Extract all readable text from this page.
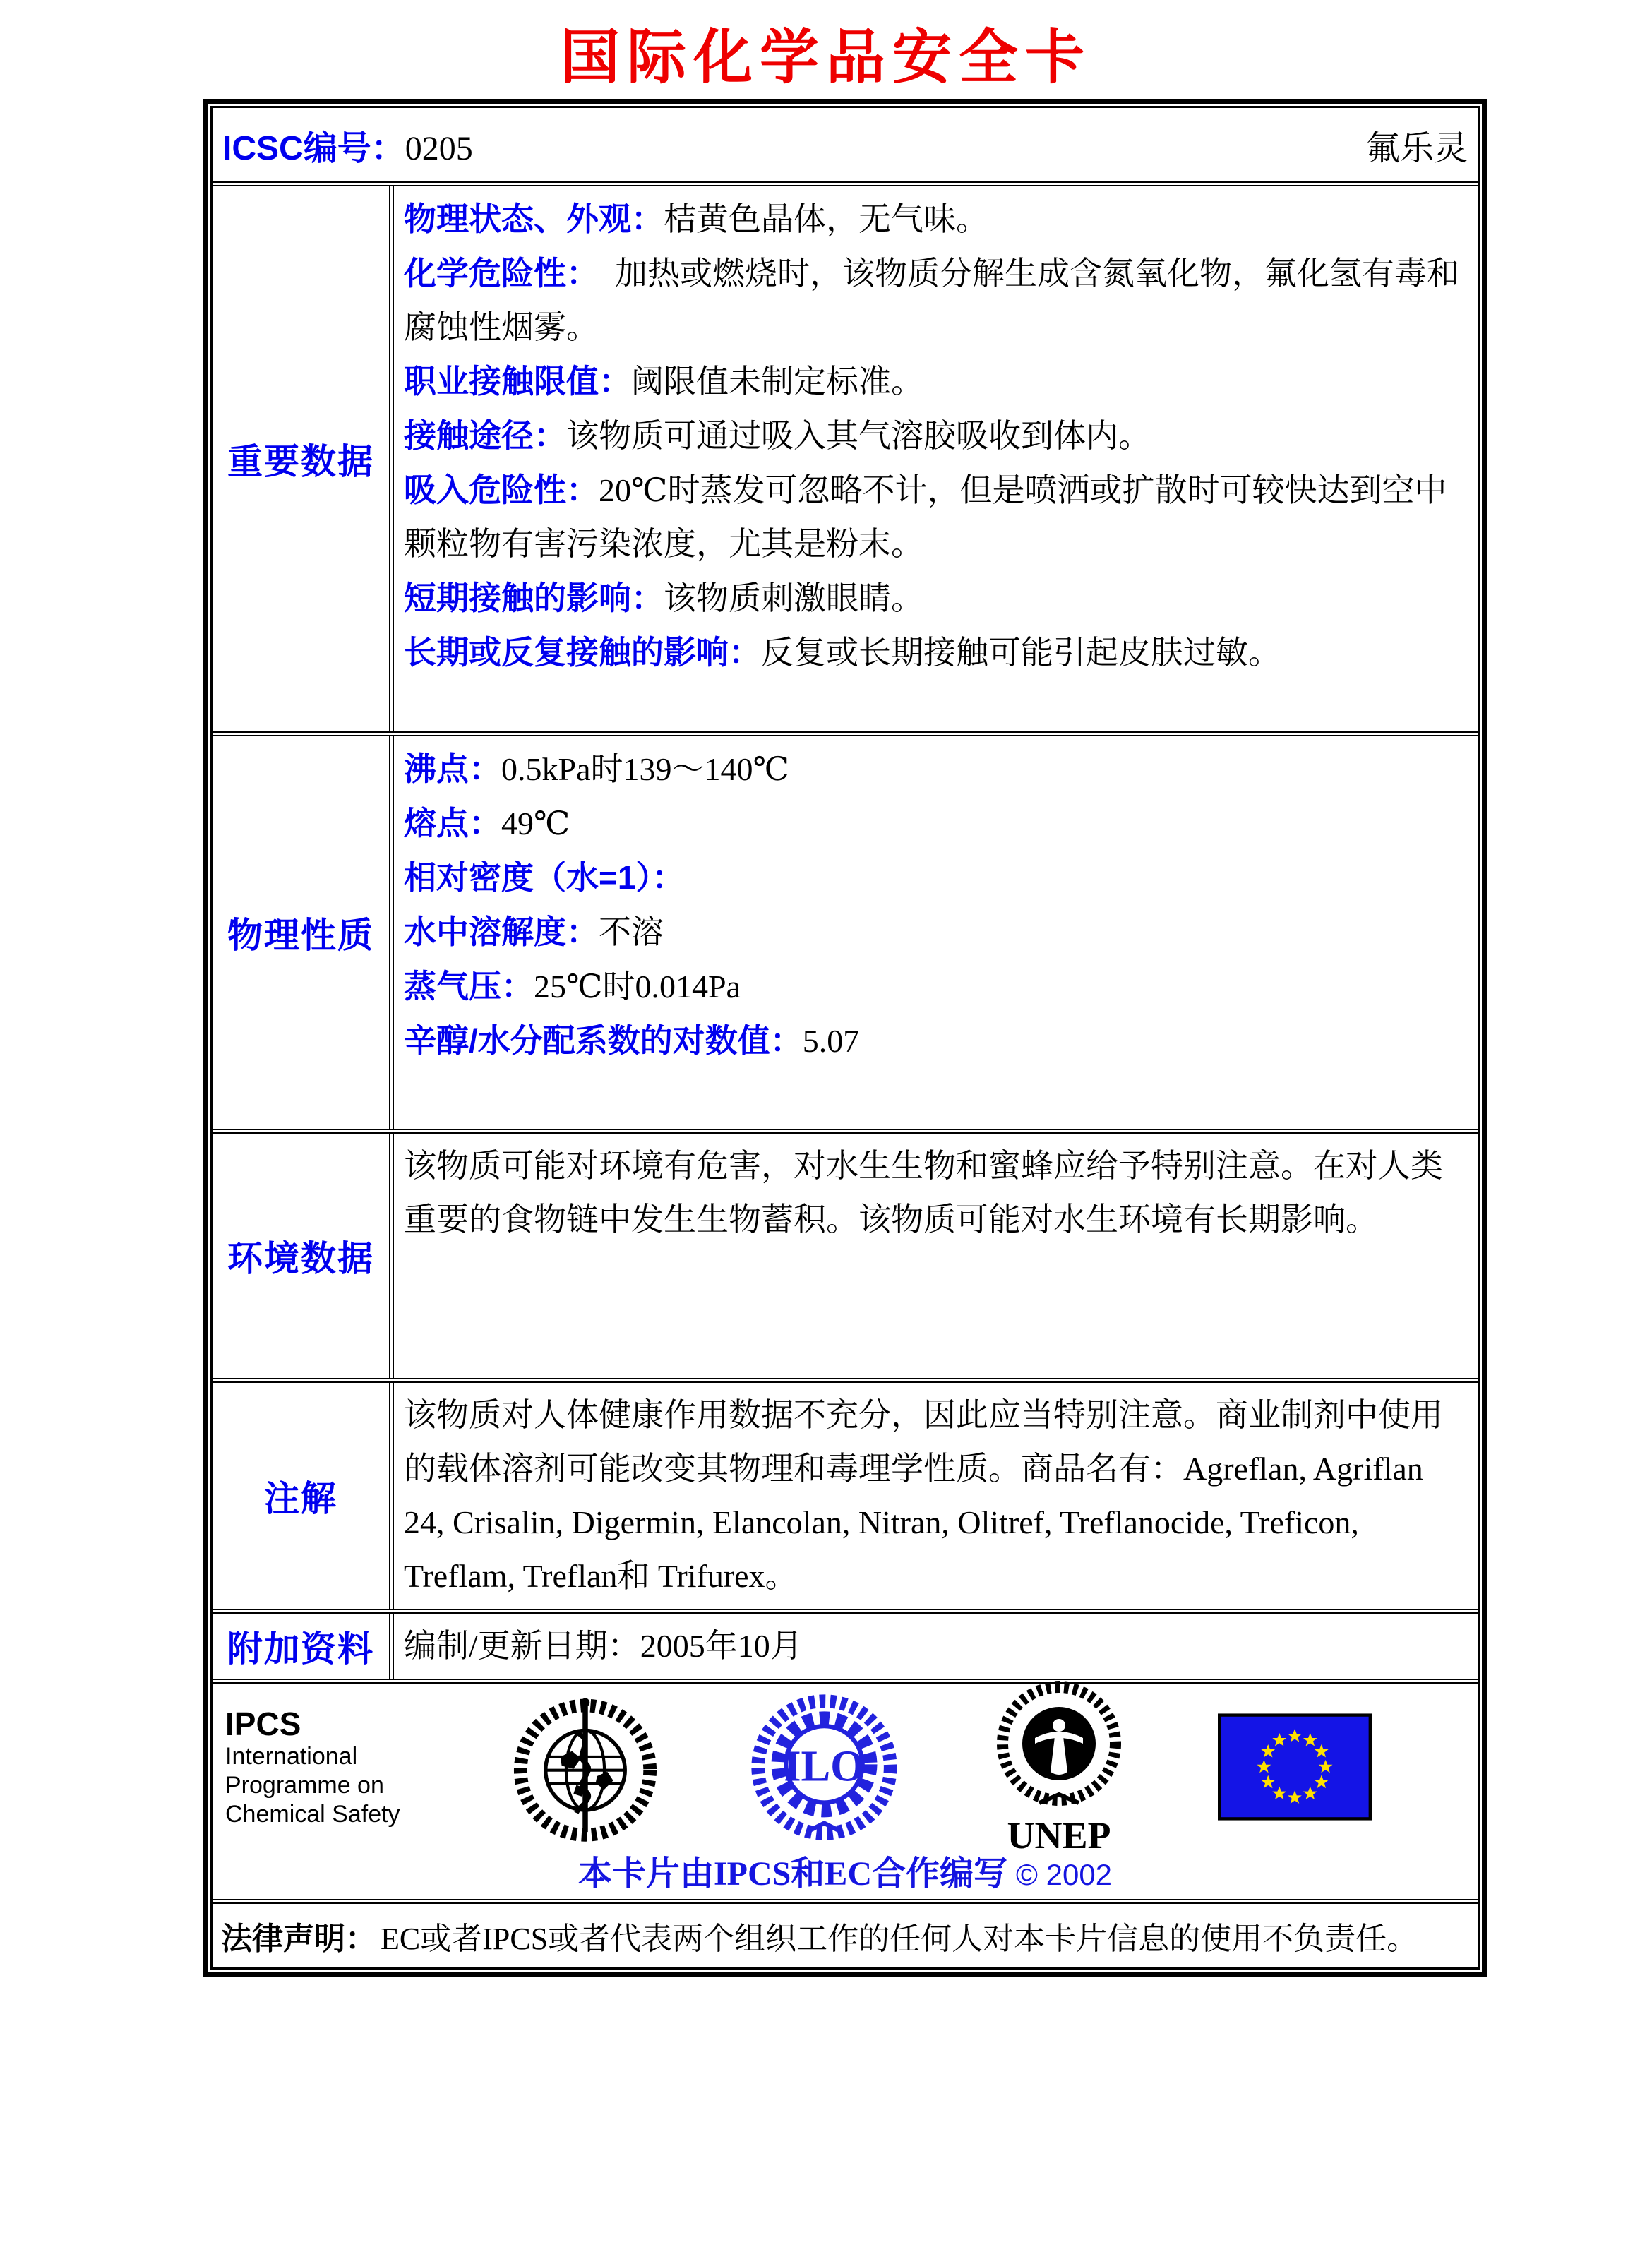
国际化学品安全卡
ICSC编号：0205	氟乐灵
重要数据

物理状态、外观：桔黄色晶体，无气味。

化学危险性：　加热或燃烧时，该物质分解生成含氮氧化物，氟化氢有毒和腐蚀性烟雾。

职业接触限值：阈限值未制定标准。

接触途径：该物质可通过吸入其气溶胶吸收到体内。

吸入危险性：20℃时蒸发可忽略不计，但是喷洒或扩散时可较快达到空中颗粒物有害污染浓度，尤其是粉末。

短期接触的影响：该物质刺激眼睛。

长期或反复接触的影响：反复或长期接触可能引起皮肤过敏。

物理性质

沸点：0.5kPa时139～140℃

熔点：49℃

相对密度（水=1）：

水中溶解度：不溶

蒸气压：25℃时0.014Pa

辛醇/水分配系数的对数值：5.07

环境数据

该物质可能对环境有危害，对水生生物和蜜蜂应给予特别注意。在对人类重要的食物链中发生生物蓄积。该物质可能对水生环境有长期影响。

注解

该物质对人体健康作用数据不充分，因此应当特别注意。商业制剂中使用的载体溶剂可能改变其物理和毒理学性质。商品名有：Agreflan, Agriflan 24, Crisalin, Digermin, Elancolan, Nitran, Olitref, Treflanocide, Treficon, Treflam, Treflan和 Trifurex。

附加资料 编制/更新日期：2005年10月

IPCS
International
Programme on
Chemical Safety
ILO
UNEP
本卡片由IPCS和EC合作编写 © 2002
法律声明： EC或者IPCS或者代表两个组织工作的任何人对本卡片信息的使用不负责任。
